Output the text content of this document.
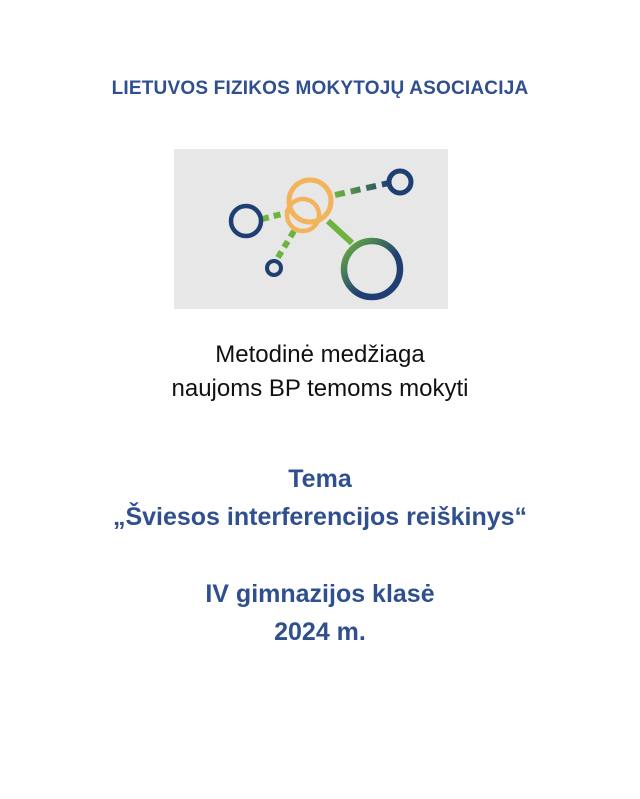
LIETUVOS FIZIKOS MOKYTOJŲ ASOCIACIJA
Metodinė medžiaga
naujoms BP temoms mokyti
Tema
„Šviesos interferencijos reiškinys“
IV gimnazijos klasė
2024 m.
